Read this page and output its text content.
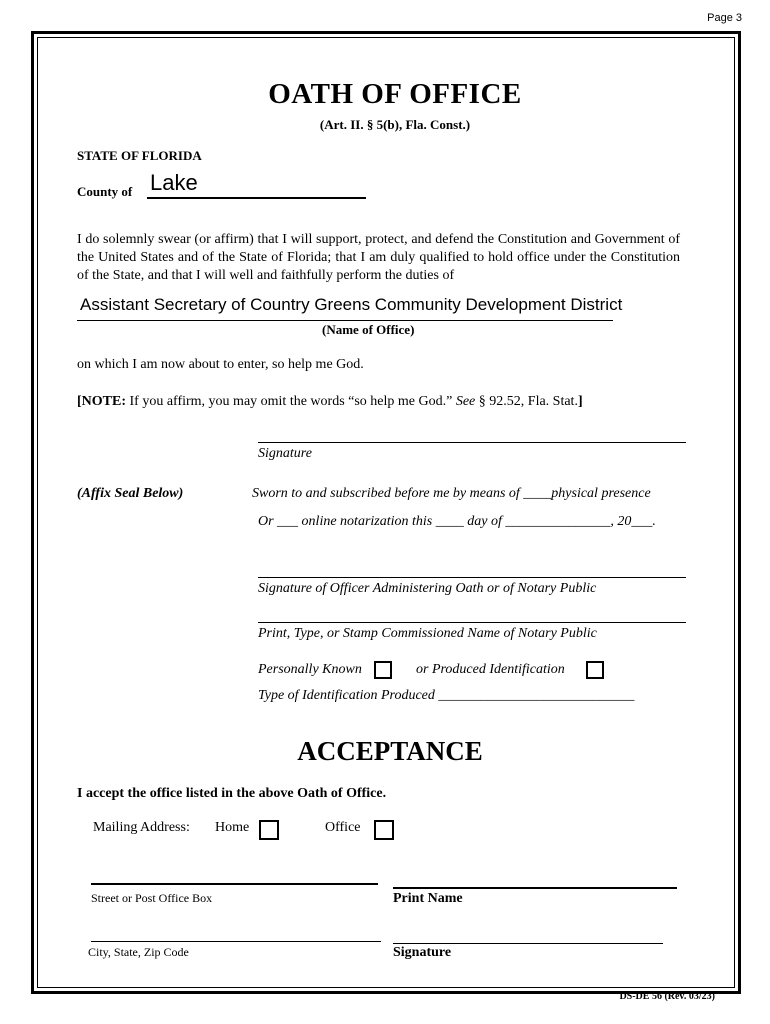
Page 3
OATH OF OFFICE
(Art. II. § 5(b), Fla. Const.)
STATE OF FLORIDA
County of Lake
I do solemnly swear (or affirm) that I will support, protect, and defend the Constitution and Government of the United States and of the State of Florida; that I am duly qualified to hold office under the Constitution of the State, and that I will well and faithfully perform the duties of
Assistant Secretary of Country Greens Community Development District
(Name of Office)
on which I am now about to enter, so help me God.
[NOTE: If you affirm, you may omit the words “so help me God.” See § 92.52, Fla. Stat.]
Signature
(Affix Seal Below)	Sworn to and subscribed before me by means of ____physical presence
Or ___ online notarization this ____ day of _______________, 20___.
Signature of Officer Administering Oath or of Notary Public
Print, Type, or Stamp Commissioned Name of Notary Public
Personally Known	or Produced Identification
Type of Identification Produced ____________________________
ACCEPTANCE
I accept the office listed in the above Oath of Office.
Mailing Address: Home	Office
Street or Post Office Box	Print Name
City, State, Zip Code	Signature
DS-DE 56 (Rev. 03/23)
